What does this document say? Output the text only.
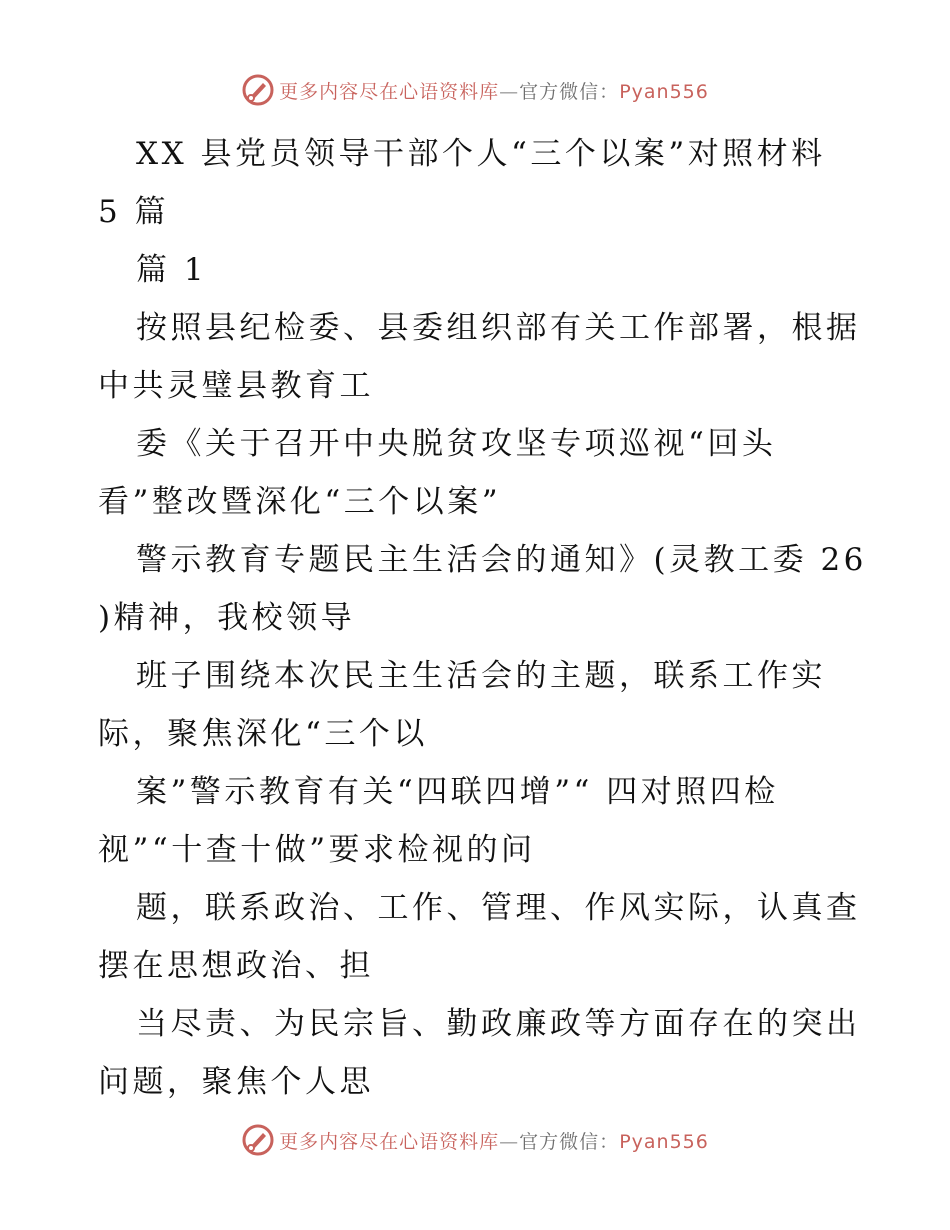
更多内容尽在心语资料库—官方微信：Pyan556
XX 县党员领导干部个人“三个以案”对照材料
5 篇
篇 1
按照县纪检委、县委组织部有关工作部署，根据
中共灵璧县教育工
委《关于召开中央脱贫攻坚专项巡视“回头
看”整改暨深化“三个以案”
警示教育专题民主生活会的通知》(灵教工委 26
)精神，我校领导
班子围绕本次民主生活会的主题，联系工作实
际，聚焦深化“三个以
案”警示教育有关“四联四增”“ 四对照四检
视”“十查十做”要求检视的问
题，联系政治、工作、管理、作风实际，认真查
摆在思想政治、担
当尽责、为民宗旨、勤政廉政等方面存在的突出
问题，聚焦个人思
更多内容尽在心语资料库—官方微信：Pyan556
